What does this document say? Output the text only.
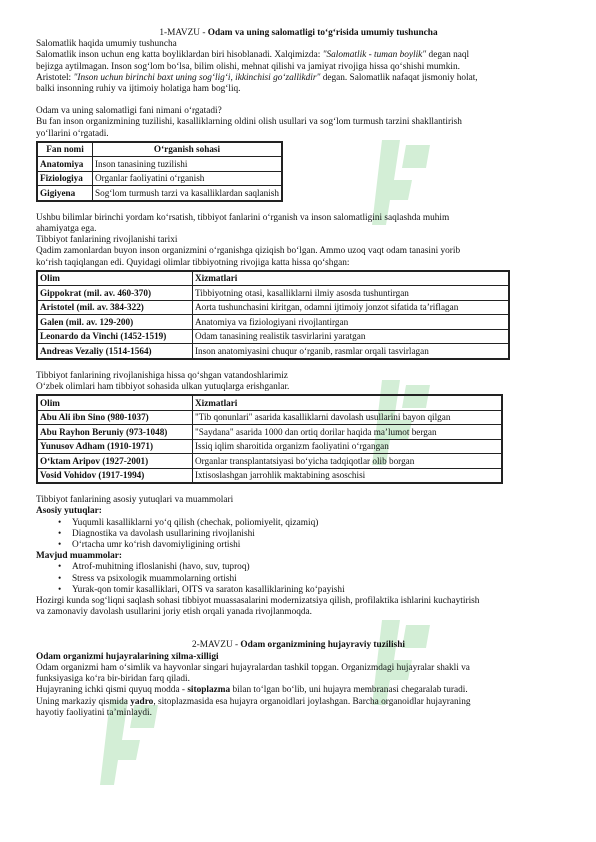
1-MAVZU - Odam va uning salomatligi to‘g‘risida umumiy tushuncha

Salomatlik haqida umumiy tushuncha

Salomatlik inson uchun eng katta boyliklardan biri hisoblanadi. Xalqimizda: "Salomatlik - tuman boylik" degan naql

bejizga aytilmagan. Inson sog‘lom bo‘lsa, bilim olishi, mehnat qilishi va jamiyat rivojiga hissa qo‘shishi mumkin.

Aristotel: "Inson uchun birinchi baxt uning sog‘lig‘i, ikkinchisi go‘zallikdir" degan. Salomatlik nafaqat jismoniy holat,

balki insonning ruhiy va ijtimoiy holatiga ham bog‘liq.

Odam va uning salomatligi fani nimani o‘rgatadi?

Bu fan inson organizmining tuzilishi, kasalliklarning oldini olish usullari va sog‘lom turmush tarzini shakllantirish

yo‘llarini o‘rgatadi.

Fan nomi	O‘rganish sohasi
Anatomiya	Inson tanasining tuzilishi
Fiziologiya	Organlar faoliyatini o‘rganish
Gigiyena	Sog‘lom turmush tarzi va kasalliklardan saqlanish

Ushbu bilimlar birinchi yordam ko‘rsatish, tibbiyot fanlarini o‘rganish va inson salomatligini saqlashda muhim

ahamiyatga ega.

Tibbiyot fanlarining rivojlanishi tarixi

Qadim zamonlardan buyon inson organizmini o‘rganishga qiziqish bo‘lgan. Ammo uzoq vaqt odam tanasini yorib

ko‘rish taqiqlangan edi. Quyidagi olimlar tibbiyotning rivojiga katta hissa qo‘shgan:

Olim	Xizmatlari
Gippokrat (mil. av. 460-370)	Tibbiyotning otasi, kasalliklarni ilmiy asosda tushuntirgan
Aristotel (mil. av. 384-322)	Aorta tushunchasini kiritgan, odamni ijtimoiy jonzot sifatida ta’riflagan
Galen (mil. av. 129-200)	Anatomiya va fiziologiyani rivojlantirgan
Leonardo da Vinchi (1452-1519)	Odam tanasining realistik tasvirlarini yaratgan
Andreas Vezaliy (1514-1564)	Inson anatomiyasini chuqur o‘rganib, rasmlar orqali tasvirlagan

Tibbiyot fanlarining rivojlanishiga hissa qo‘shgan vatandoshlarimiz

O‘zbek olimlari ham tibbiyot sohasida ulkan yutuqlarga erishganlar.

Olim	Xizmatlari
Abu Ali ibn Sino (980-1037)	"Tib qonunlari" asarida kasalliklarni davolash usullarini bayon qilgan
Abu Rayhon Beruniy (973-1048)	"Saydana" asarida 1000 dan ortiq dorilar haqida ma’lumot bergan
Yunusov Adham (1910-1971)	Issiq iqlim sharoitida organizm faoliyatini o‘rgangan
O‘ktam Aripov (1927-2001)	Organlar transplantatsiyasi bo‘yicha tadqiqotlar olib borgan
Vosid Vohidov (1917-1994)	Ixtisoslashgan jarrohlik maktabining asoschisi

Tibbiyot fanlarining asosiy yutuqlari va muammolari

Asosiy yutuqlar:

• Yuqumli kasalliklarni yo‘q qilish (chechak, poliomiyelit, qizamiq)
• Diagnostika va davolash usullarining rivojlanishi
• O‘rtacha umr ko‘rish davomiyligining ortishi

Mavjud muammolar:

• Atrof-muhitning ifloslanishi (havo, suv, tuproq)
• Stress va psixologik muammolarning ortishi
• Yurak-qon tomir kasalliklari, OITS va saraton kasalliklarining ko‘payishi

Hozirgi kunda sog‘liqni saqlash sohasi tibbiyot muassasalarini modernizatsiya qilish, profilaktika ishlarini kuchaytirish

va zamonaviy davolash usullarini joriy etish orqali yanada rivojlanmoqda.

2-MAVZU - Odam organizmining hujayraviy tuzilishi

Odam organizmi hujayralarining xilma-xilligi

Odam organizmi ham o‘simlik va hayvonlar singari hujayralardan tashkil topgan. Organizmdagi hujayralar shakli va

funksiyasiga ko‘ra bir-biridan farq qiladi.

Hujayraning ichki qismi quyuq modda - sitoplazma bilan to‘lgan bo‘lib, uni hujayra membranasi chegaralab turadi.

Uning markaziy qismida yadro, sitoplazmasida esa hujayra organoidlari joylashgan. Barcha organoidlar hujayraning

hayotiy faoliyatini ta’minlaydi.
